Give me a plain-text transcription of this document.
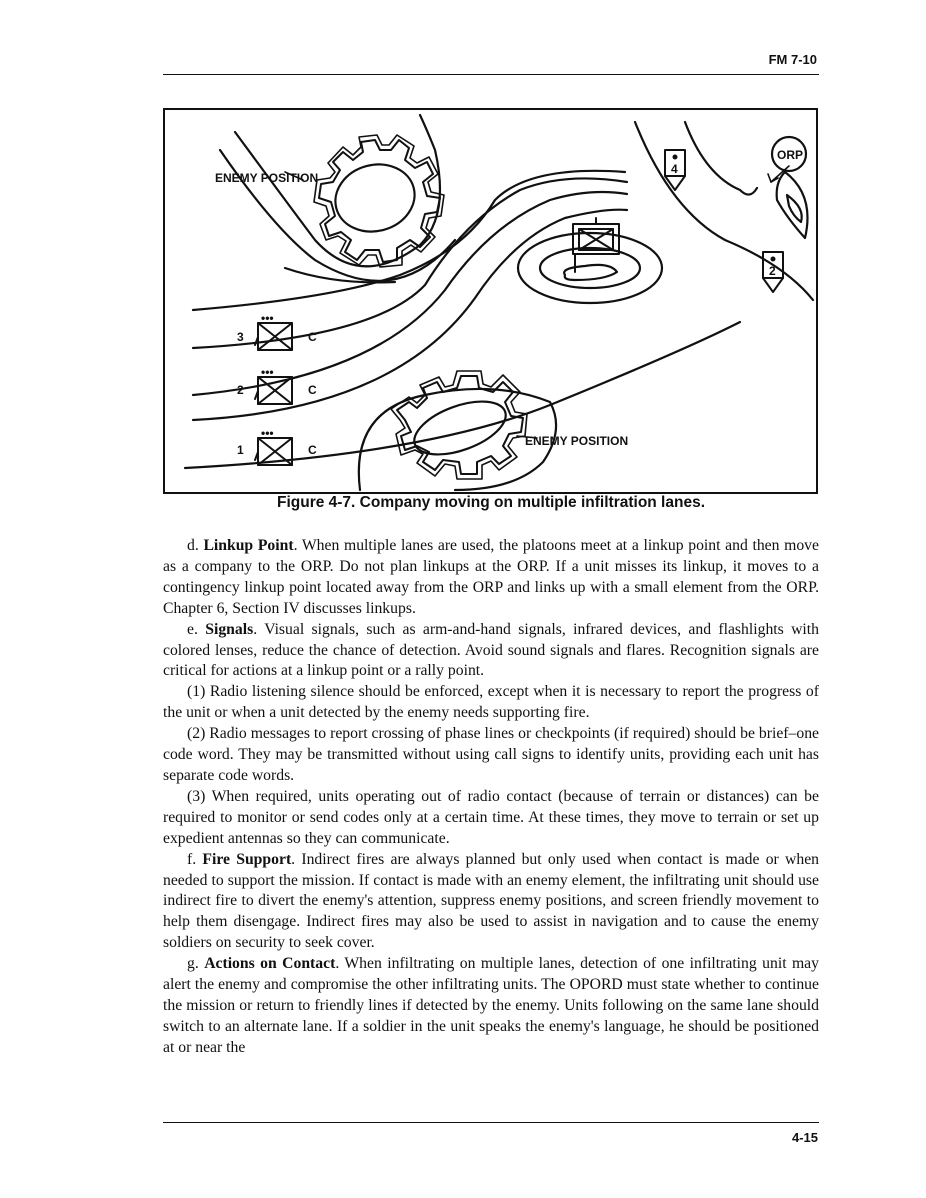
FM 7-10
ENEMY POSITION
ENEMY POSITION
ORP
4
2
•••
•••
•••
3
2
1
C
C
C
Figure 4-7. Company moving on multiple infiltration lanes.

d. Linkup Point. When multiple lanes are used, the platoons meet at a linkup point and then move as a company to the ORP. Do not plan linkups at the ORP. If a unit misses its linkup, it moves to a contingency linkup point located away from the ORP and links up with a small element from the ORP. Chapter 6, Section IV discusses linkups.

e. Signals. Visual signals, such as arm-and-hand signals, infrared devices, and flashlights with colored lenses, reduce the chance of detection. Avoid sound signals and flares. Recognition signals are critical for actions at a linkup point or a rally point.

(1) Radio listening silence should be enforced, except when it is necessary to report the progress of the unit or when a unit detected by the enemy needs supporting fire.

(2) Radio messages to report crossing of phase lines or checkpoints (if required) should be brief–one code word. They may be transmitted without using call signs to identify units, providing each unit has separate code words.

(3) When required, units operating out of radio contact (because of terrain or distances) can be required to monitor or send codes only at a certain time. At these times, they move to terrain or set up expedient antennas so they can communicate.

f. Fire Support. Indirect fires are always planned but only used when contact is made or when needed to support the mission. If contact is made with an enemy element, the infiltrating unit should use indirect fire to divert the enemy's attention, suppress enemy positions, and screen friendly movement to help them disengage. Indirect fires may also be used to assist in navigation and to cause the enemy soldiers on security to seek cover.

g. Actions on Contact. When infiltrating on multiple lanes, detection of one infiltrating unit may alert the enemy and compromise the other infiltrating units. The OPORD must state whether to continue the mission or return to friendly lines if detected by the enemy. Units following on the same lane should switch to an alternate lane. If a soldier in the unit speaks the enemy's language, he should be positioned at or near the

4-15
